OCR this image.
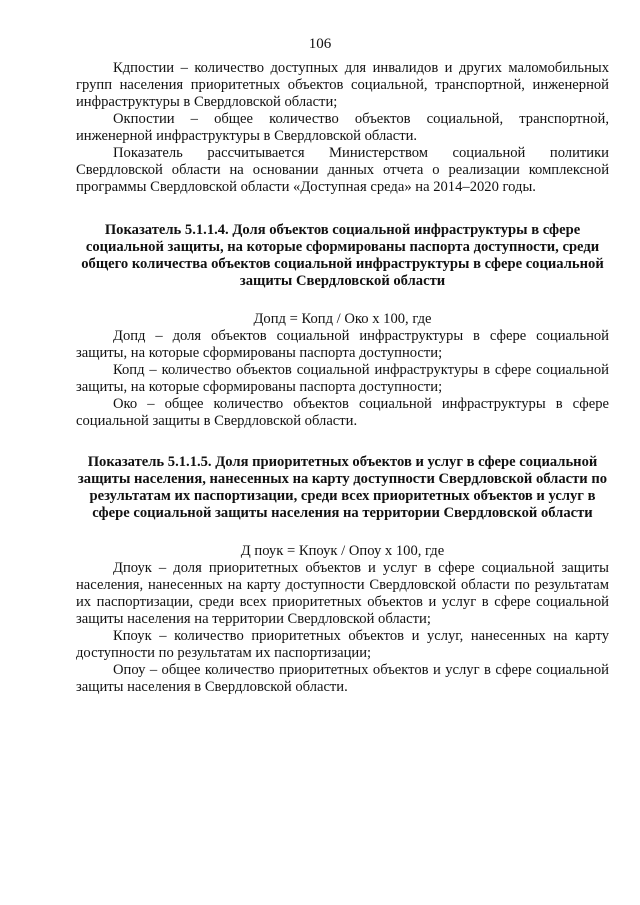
106

Кдпостии – количество доступных для инвалидов и других маломобильных групп населения приоритетных объектов социальной, транспортной, инженерной инфраструктуры в Свердловской области;

Окпостии – общее количество объектов социальной, транспортной, инженерной инфраструктуры в Свердловской области.

Показатель рассчитывается Министерством социальной политики Свердловской области на основании данных отчета о реализации комплексной программы Свердловской области «Доступная среда» на 2014–2020 годы.

Показатель 5.1.1.4. Доля объектов социальной инфраструктуры в сфере социальной защиты, на которые сформированы паспорта доступности, среди общего количества объектов социальной инфраструктуры в сфере социальной защиты Свердловской области

Допд = Копд / Око х 100, где

Допд – доля объектов социальной инфраструктуры в сфере социальной защиты, на которые сформированы паспорта доступности;

Копд – количество объектов социальной инфраструктуры в сфере социальной защиты, на которые сформированы паспорта доступности;

Око – общее количество объектов социальной инфраструктуры в сфере социальной защиты в Свердловской области.

Показатель 5.1.1.5. Доля приоритетных объектов и услуг в сфере социальной защиты населения, нанесенных на карту доступности Свердловской области по результатам их паспортизации, среди всех приоритетных объектов и услуг в сфере социальной защиты населения на территории Свердловской области

Д поук = Кпоук / Опоу х 100, где

Дпоук – доля приоритетных объектов и услуг в сфере социальной защиты населения, нанесенных на карту доступности Свердловской области по результатам их паспортизации, среди всех приоритетных объектов и услуг в сфере социальной защиты населения на территории Свердловской области;

Кпоук – количество приоритетных объектов и услуг, нанесенных на карту доступности по результатам их паспортизации;

Опоу – общее количество приоритетных объектов и услуг в сфере социальной защиты населения в Свердловской области.
